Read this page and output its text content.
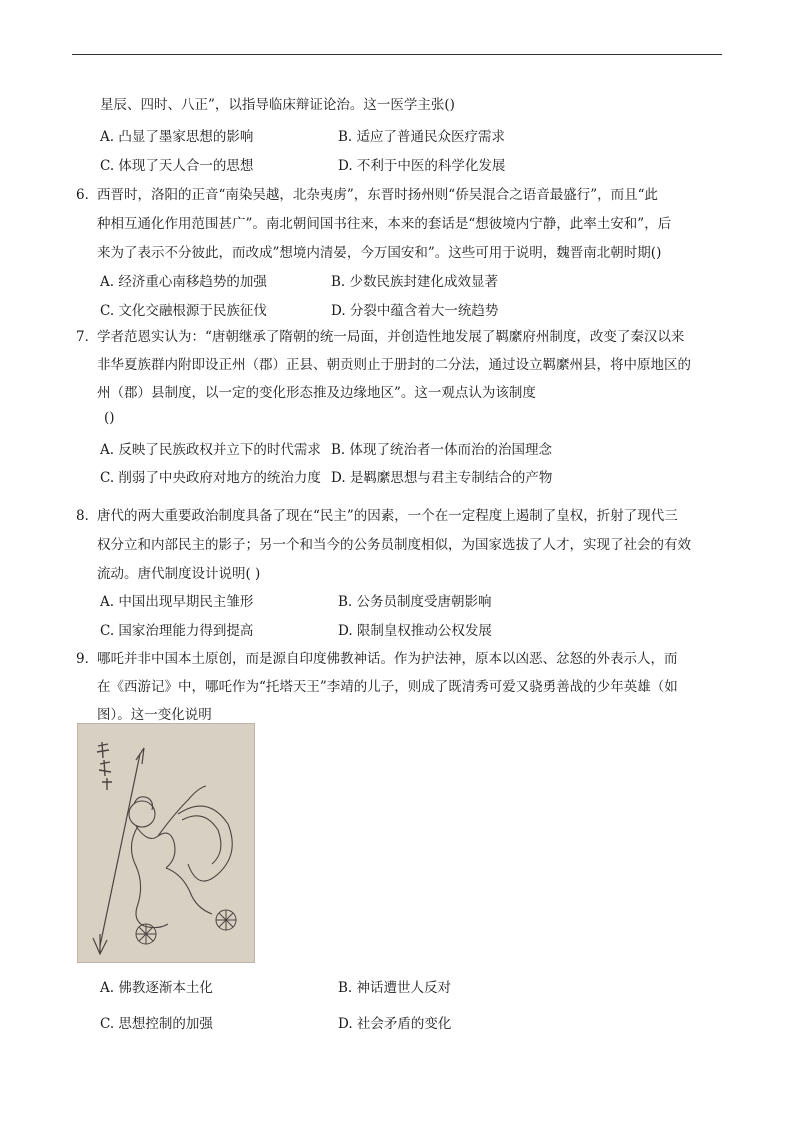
星辰、四时、八正”，以指导临床辩证论治。这一医学主张()
A. 凸显了墨家思想的影响	B. 适应了普通民众医疗需求
C. 体现了天人合一的思想	D. 不利于中医的科学化发展
6．
西晋时，洛阳的正音“南染吴越，北杂夷虏”，东晋时扬州则“侨吴混合之语音最盛行”，而且“此
种相互通化作用范围甚广”。南北朝间国书往来，本来的套话是“想彼境内宁静，此率土安和”，后
来为了表示不分彼此，而改成”想境内清晏，今万国安和”。这些可用于说明，魏晋南北朝时期()
A. 经济重心南移趋势的加强	B. 少数民族封建化成效显著
C. 文化交融根源于民族征伐	D. 分裂中蕴含着大一统趋势
7．
学者范恩实认为：“唐朝继承了隋朝的统一局面，并创造性地发展了羁縻府州制度，改变了秦汉以来
非华夏族群内附即设正州（郡）正县、朝贡则止于册封的二分法，通过设立羁縻州县，将中原地区的
州（郡）县制度，以一定的变化形态推及边缘地区”。这一观点认为该制度
()
A. 反映了民族政权并立下的时代需求 B. 体现了统治者一体而治的治国理念
C. 削弱了中央政府对地方的统治力度 D. 是羁縻思想与君主专制结合的产物
8．
唐代的两大重要政治制度具备了现在“民主”的因素，一个在一定程度上遏制了皇权，折射了现代三
权分立和内部民主的影子；另一个和当今的公务员制度相似，为国家选拔了人才，实现了社会的有效
流动。唐代制度设计说明( )
A. 中国出现早期民主雏形	B. 公务员制度受唐朝影响
C. 国家治理能力得到提高	D. 限制皇权推动公权发展
9．
哪吒并非中国本土原创，而是源自印度佛教神话。作为护法神，原本以凶恶、忿怒的外表示人，而
在《西游记》中，哪吒作为“托塔天王”李靖的儿子，则成了既清秀可爱又骁勇善战的少年英雄（如
图）。这一变化说明
A. 佛教逐渐本土化	B. 神话遭世人反对
C. 思想控制的加强	D. 社会矛盾的变化
